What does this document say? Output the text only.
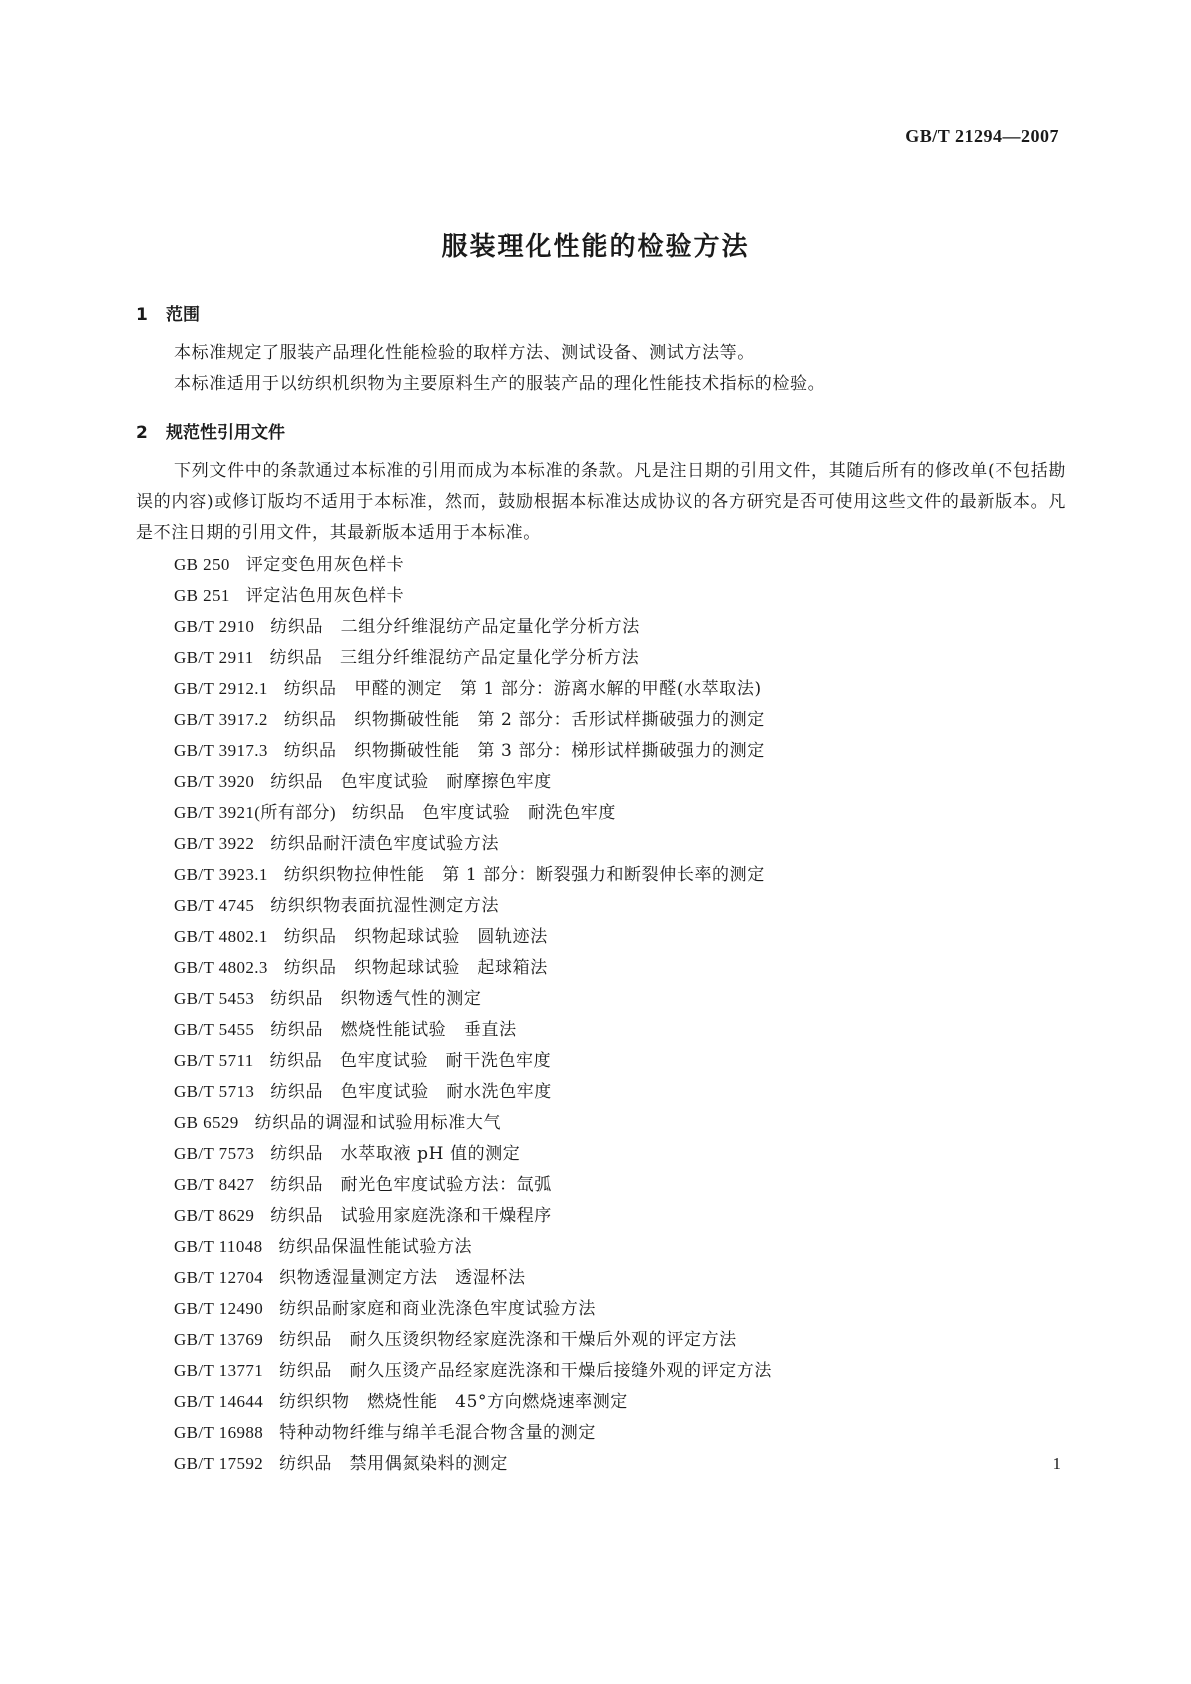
GB/T 21294—2007
服装理化性能的检验方法
1 范围

本标准规定了服装产品理化性能检验的取样方法、测试设备、测试方法等。

本标准适用于以纺织机织物为主要原料生产的服装产品的理化性能技术指标的检验。

2 规范性引用文件

下列文件中的条款通过本标准的引用而成为本标准的条款。凡是注日期的引用文件，其随后所有的修改单(不包括勘误的内容)或修订版均不适用于本标准，然而，鼓励根据本标准达成协议的各方研究是否可使用这些文件的最新版本。凡是不注日期的引用文件，其最新版本适用于本标准。

GB 250 评定变色用灰色样卡
GB 251 评定沾色用灰色样卡
GB/T 2910 纺织品　二组分纤维混纺产品定量化学分析方法
GB/T 2911 纺织品　三组分纤维混纺产品定量化学分析方法
GB/T 2912.1 纺织品　甲醛的测定　第 1 部分：游离水解的甲醛(水萃取法)
GB/T 3917.2 纺织品　织物撕破性能　第 2 部分：舌形试样撕破强力的测定
GB/T 3917.3 纺织品　织物撕破性能　第 3 部分：梯形试样撕破强力的测定
GB/T 3920 纺织品　色牢度试验　耐摩擦色牢度
GB/T 3921(所有部分) 纺织品　色牢度试验　耐洗色牢度
GB/T 3922 纺织品耐汗渍色牢度试验方法
GB/T 3923.1 纺织织物拉伸性能　第 1 部分：断裂强力和断裂伸长率的测定
GB/T 4745 纺织织物表面抗湿性测定方法
GB/T 4802.1 纺织品　织物起球试验　圆轨迹法
GB/T 4802.3 纺织品　织物起球试验　起球箱法
GB/T 5453 纺织品　织物透气性的测定
GB/T 5455 纺织品　燃烧性能试验　垂直法
GB/T 5711 纺织品　色牢度试验　耐干洗色牢度
GB/T 5713 纺织品　色牢度试验　耐水洗色牢度
GB 6529 纺织品的调湿和试验用标准大气
GB/T 7573 纺织品　水萃取液 pH 值的测定
GB/T 8427 纺织品　耐光色牢度试验方法：氙弧
GB/T 8629 纺织品　试验用家庭洗涤和干燥程序
GB/T 11048 纺织品保温性能试验方法
GB/T 12704 织物透湿量测定方法　透湿杯法
GB/T 12490 纺织品耐家庭和商业洗涤色牢度试验方法
GB/T 13769 纺织品　耐久压烫织物经家庭洗涤和干燥后外观的评定方法
GB/T 13771 纺织品　耐久压烫产品经家庭洗涤和干燥后接缝外观的评定方法
GB/T 14644 纺织织物　燃烧性能　45°方向燃烧速率测定
GB/T 16988 特种动物纤维与绵羊毛混合物含量的测定
GB/T 17592 纺织品　禁用偶氮染料的测定	1
